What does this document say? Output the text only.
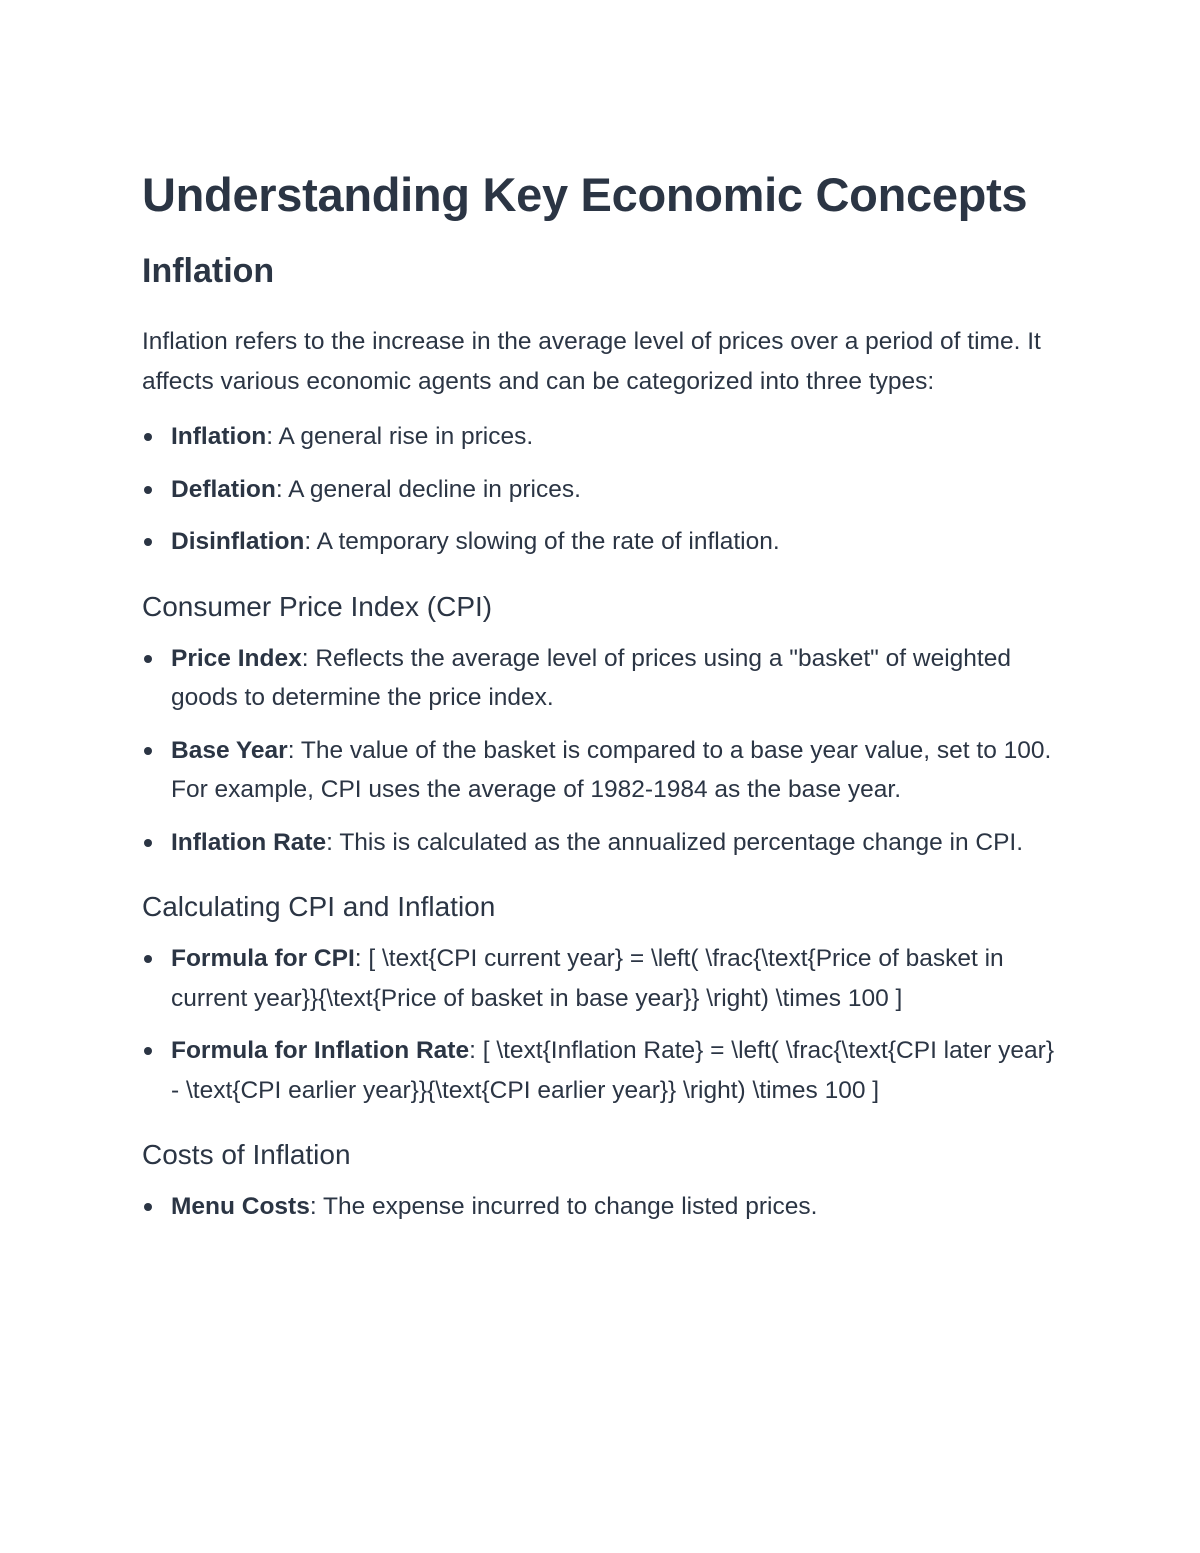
Understanding Key Economic Concepts
Inflation

Inflation refers to the increase in the average level of prices over a period of time. It affects various economic agents and can be categorized into three types:

Inflation: A general rise in prices.
Deflation: A general decline in prices.
Disinflation: A temporary slowing of the rate of inflation.
Consumer Price Index (CPI)
Price Index: Reflects the average level of prices using a "basket" of weighted goods to determine the price index.
Base Year: The value of the basket is compared to a base year value, set to 100. For example, CPI uses the average of 1982-1984 as the base year.
Inflation Rate: This is calculated as the annualized percentage change in CPI.
Calculating CPI and Inflation
Formula for CPI: [ \text{CPI current year} = \left( \frac{\text{Price of basket in current year}}{\text{Price of basket in base year}} \right) \times 100 ]
Formula for Inflation Rate: [ \text{Inflation Rate} = \left( \frac{\text{CPI later year} - \text{CPI earlier year}}{\text{CPI earlier year}} \right) \times 100 ]
Costs of Inflation
Menu Costs: The expense incurred to change listed prices.
